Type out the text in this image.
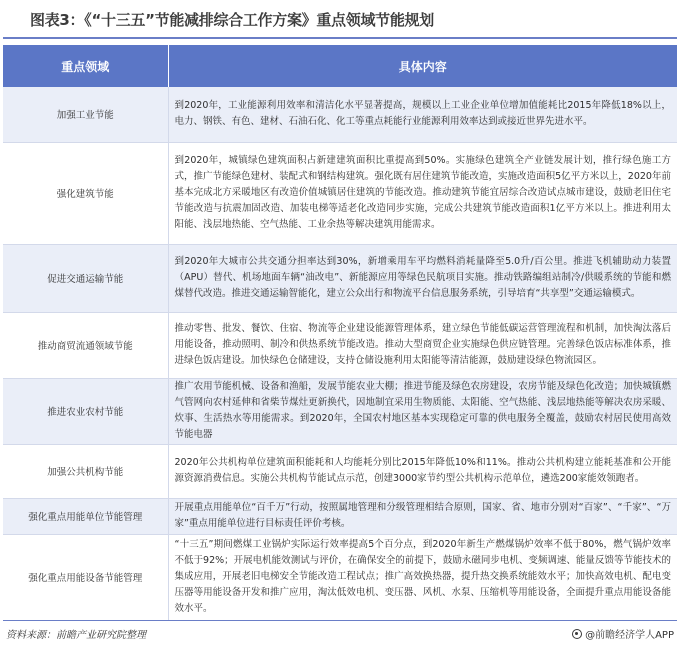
图表3：《“十三五”节能减排综合工作方案》重点领域节能规划
重点领域	具体内容
加强工业节能	到2020年，工业能源利用效率和清洁化水平显著提高，规模以上工业企业单位增加值能耗比2015年降低18%以上，电力、钢铁、有色、建材、石油石化、化工等重点耗能行业能源利用效率达到或接近世界先进水平。
强化建筑节能	到2020年，城镇绿色建筑面积占新建建筑面积比重提高到50%。实施绿色建筑全产业链发展计划，推行绿色施工方式，推广节能绿色建材、装配式和钢结构建筑。强化既有居住建筑节能改造，实施改造面积5亿平方米以上，2020年前基本完成北方采暖地区有改造价值城镇居住建筑的节能改造。推动建筑节能宜居综合改造试点城市建设，鼓励老旧住宅节能改造与抗震加固改造、加装电梯等适老化改造同步实施，完成公共建筑节能改造面积1亿平方米以上。推进利用太阳能、浅层地热能、空气热能、工业余热等解决建筑用能需求。
促进交通运输节能	到2020年大城市公共交通分担率达到30%，新增乘用车平均燃料消耗量降至5.0升/百公里。推进飞机辅助动力装置（APU）替代、机场地面车辆“油改电”、新能源应用等绿色民航项目实施。推动铁路编组站制冷/供暖系统的节能和燃煤替代改造。推进交通运输智能化，建立公众出行和物流平台信息服务系统，引导培育“共享型”交通运输模式。
推动商贸流通领域节能	推动零售、批发、餐饮、住宿、物流等企业建设能源管理体系，建立绿色节能低碳运营管理流程和机制，加快淘汰落后用能设备，推动照明、制冷和供热系统节能改造。推动大型商贸企业实施绿色供应链管理。完善绿色饭店标准体系，推进绿色饭店建设。加快绿色仓储建设，支持仓储设施利用太阳能等清洁能源，鼓励建设绿色物流园区。
推进农业农村节能	推广农用节能机械、设备和渔船，发展节能农业大棚；推进节能及绿色农房建设，农房节能及绿色化改造；加快城镇燃气管网向农村延伸和省柴节煤灶更新换代，因地制宜采用生物质能、太阳能、空气热能、浅层地热能等解决农房采暖、炊事、生活热水等用能需求。到2020年，全国农村地区基本实现稳定可靠的供电服务全覆盖，鼓励农村居民使用高效节能电器
加强公共机构节能	2020年公共机构单位建筑面积能耗和人均能耗分别比2015年降低10%和11%。推动公共机构建立能耗基准和公开能源资源消费信息。实施公共机构节能试点示范，创建3000家节约型公共机构示范单位，遴选200家能效领跑者。
强化重点用能单位节能管理	开展重点用能单位“百千万”行动，按照属地管理和分级管理相结合原则，国家、省、地市分别对“百家”、“千家”、“万家”重点用能单位进行目标责任评价考核。
强化重点用能设备节能管理	“十三五”期间燃煤工业锅炉实际运行效率提高5个百分点，到2020年新生产燃煤锅炉效率不低于80%，燃气锅炉效率不低于92%；开展电机能效测试与评价，在确保安全的前提下，鼓励永磁同步电机、变频调速、能量反馈等节能技术的集成应用，开展老旧电梯安全节能改造工程试点；推广高效换热器，提升热交换系统能效水平；加快高效电机、配电变压器等用能设备开发和推广应用，淘汰低效电机、变压器、风机、水泵、压缩机等用能设备，全面提升重点用能设备能效水平。
资料来源：前瞻产业研究院整理	@前瞻经济学人APP
